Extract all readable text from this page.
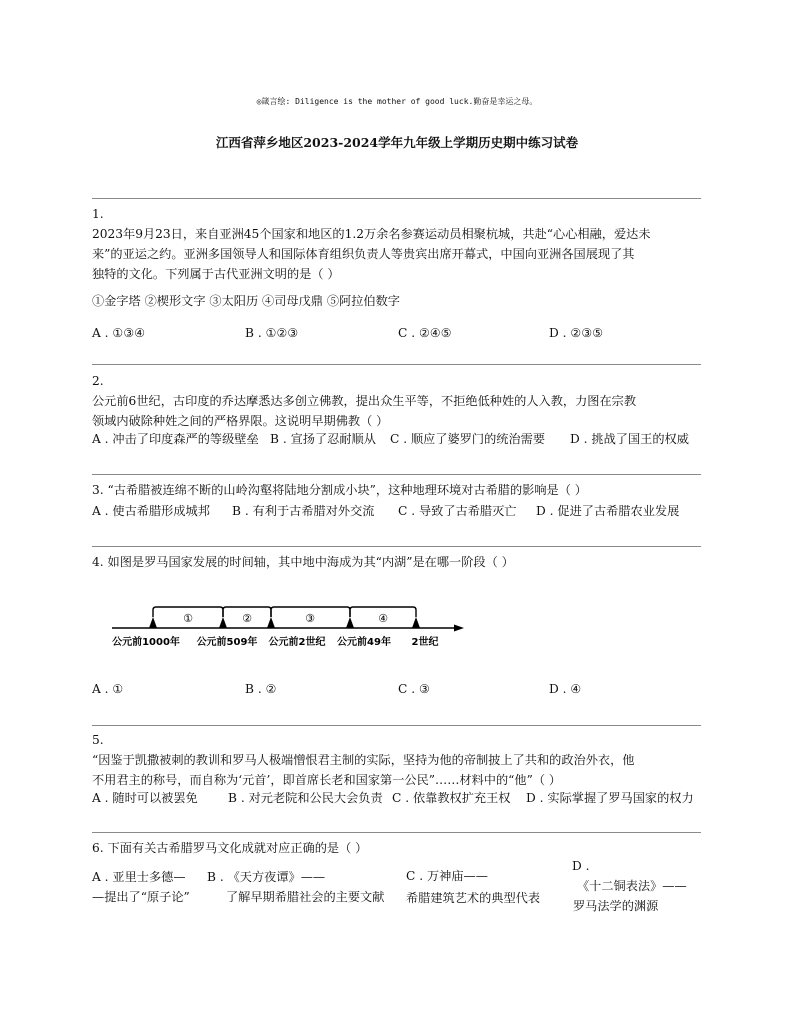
◎箴言绘: Diligence is the mother of good luck.勤奋是幸运之母。
江西省萍乡地区2023-2024学年九年级上学期历史期中练习试卷

1.

2023年9月23日，来自亚洲45个国家和地区的1.2万余名参赛运动员相聚杭城，共赴“心心相融，爱达未

来”的亚运之约。亚洲多国领导人和国际体育组织负责人等贵宾出席开幕式，中国向亚洲各国展现了其

独特的文化。下列属于古代亚洲文明的是（ ）

①金字塔 ②楔形文字 ③太阳历 ④司母戊鼎 ⑤阿拉伯数字
A . ①③④	B . ①②③	C . ②④⑤	D . ②③⑤

2.

公元前6世纪，古印度的乔达摩悉达多创立佛教，提出众生平等，不拒绝低种姓的人入教，力图在宗教

领域内破除种姓之间的严格界限。这说明早期佛教（ ）

A . 冲击了印度森严的等级壁垒 B . 宣扬了忍耐顺从 C . 顺应了婆罗门的统治需要 D . 挑战了国王的权威
3. “古希腊被连绵不断的山岭沟壑将陆地分割成小块”，这种地理环境对古希腊的影响是（ ）
A . 使古希腊形成城邦 B . 有利于古希腊对外交流 C . 导致了古希腊灭亡 D . 促进了古希腊农业发展
4. 如图是罗马国家发展的时间轴，其中地中海成为其“内湖”是在哪一阶段（ ）
①	②	③	④
公元前1000年 公元前509年 公元前2世纪 公元前49年 2世纪
A . ①	B . ②	C . ③	D . ④

5.

“因鉴于凯撒被刺的教训和罗马人极端憎恨君主制的实际，坚持为他的帝制披上了共和的政治外衣，他

不用君主的称号，而自称为‘元首’，即首席长老和国家第一公民”……材料中的“他”（ ）

A . 随时可以被罢免 B . 对元老院和公民大会负责 C . 依靠教权扩充王权 D . 实际掌握了罗马国家的权力
6. 下面有关古希腊罗马文化成就对应正确的是（ ）
A . 亚里士多德—
—提出了“原子论”
B . 《天方夜谭》——
了解早期希腊社会的主要文献
C . 万神庙——
希腊建筑艺术的典型代表
D .
《十二铜表法》——
罗马法学的渊源
